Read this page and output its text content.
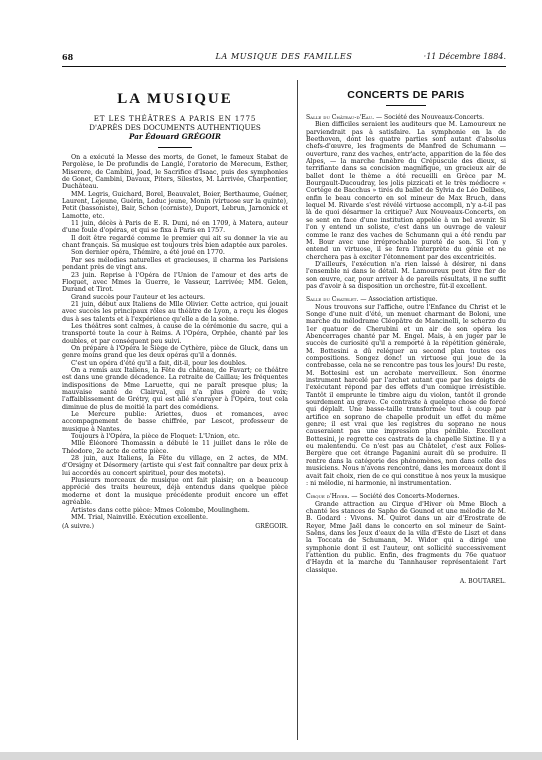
68	LA MUSIQUE DES FAMILLES	·11 Décembre 1884.
LA MUSIQUE
ET LES THÉÂTRES A PARIS EN 1775
D'APRÈS DES DOCUMENTS AUTHENTIQUES
Par Édouard GRÉGOIR

On a exécuté la Messe des morts, de Gonet, le fameux Stabat de Pergolèse, le De profundis de Langlé, l'oratorio de Merecum, Esther, Miserere, de Cambini, Joad, le Sacrifice d'Isaac, puis des symphonies de Gonet, Cambini, Davaux, Piters, Silestes, M. Larrivée, Charpentier, Duchâteau.

MM. Legris, Guichard, Borel, Beauvalet, Boier, Berthaume, Guéner, Laurent, Lejeune, Guérin, Leduc jeune, Monin (virtuose sur la quinte), Petit (bassoniste), Bair, Schon (corniste), Duport, Lebrun, Jarnonick et Lamotte, etc.

11 juin, décès à Paris de E. R. Duni, né en 1709, à Matera, auteur d'une foule d'opéras, et qui se fixa à Paris en 1757.

Il doit être regardé comme le premier qui ait su donner la vie au chant français. Sa musique est toujours très bien adaptée aux paroles.

Son dernier opéra, Thémire, a été joué en 1770.

Par ses mélodies naturelles et gracieuses, il charma les Parisiens pendant près de vingt ans.

23 juin. Reprise à l'Opéra de l'Union de l'amour et des arts de Floquet, avec Mmes la Guerre, le Vasseur, Larrivée; MM. Gelen, Durand et Tirot.

Grand succès pour l'auteur et les acteurs.

21 juin, début aux Italiens de Mlle Olivier. Cette actrice, qui jouait avec succès les principaux rôles au théâtre de Lyon, a reçu les éloges dus à ses talents et à l'expérience qu'elle a de la scène.

Les théâtres sont calmes, à cause de la cérémonie du sacre, qui a transporté toute la cour à Reims. A l'Opéra, Orphée, chanté par les doubles, et par conséquent peu suivi.

On prépare à l'Opéra le Siège de Cythère, pièce de Gluck, dans un genre moins grand que les deux opéras qu'il a donnés.

C'est un opéra d'été qu'il a fait, dit-il, pour les doubles.

On a remis aux Italiens, la Fête du château, de Favart; ce théâtre est dans une grande décadence. La retraite de Caillau; les fréquentes indispositions de Mme Laruette, qui ne paraît presque plus; la mauvaise santé de Clairval, qui n'a plus guère de voix; l'affaiblissement de Grétry, qui est allé s'enrayer à l'Opéra, tout cela diminue de plus de moitié la part des comédiens.

Le Mercure publie: Ariettes, duos et romances, avec accompagnement de basse chiffrée, par Lescot, professeur de musique à Nantes.

Toujours à l'Opéra, la pièce de Floquet: L'Union, etc.

Mlle Éléonore Thomassin a débuté le 11 juillet dans le rôle de Théodore, 2e acte de cette pièce.

28 juin, aux Italiens, la Fête du village, en 2 actes, de MM. d'Orsigny et Désormery (artiste qui s'est fait connaître par deux prix à lui accordés au concert spirituel, pour des motets).

Plusieurs morceaux de musique ont fait plaisir; on a beaucoup apprécié des traits heureux, déjà entendus dans quelque pièce moderne et dont la musique précédente produit encore un effet agréable.

Artistes dans cette pièce: Mmes Colombe, Moulinghem.

MM. Trial, Nainville. Exécution excellente.

(A suivre.)	GRÉGOIR.
CONCERTS DE PARIS

Salle du Château-d'Eau. — Société des Nouveaux-Concerts.

Bien difficiles seraient les auditeurs que M. Lamoureux ne parviendrait pas à satisfaire. La symphonie en la de Beethoven, dont les quatre parties sont autant d'absolus chefs-d'œuvre, les fragments de Manfred de Schumann — ouverture, ranz des vaches, entr'acte, apparition de la fée des Alpes, — la marche funèbre du Crépuscule des dieux, si terrifiante dans sa concision magnifique, un gracieux air de ballet dont le thème a été recueilli en Grèce par M. Bourgault-Ducoudray, les jolis pizzicati et le très médiocre « Cortège de Bacchus » tirés du ballet de Sylvia de Léo Delibes, enfin le beau concerto en sol mineur de Max Bruch, dans lequel M. Rivarde s'est révélé virtuose accompli, n'y a-t-il pas là de quoi désarmer la critique? Aux Nouveaux-Concerts, on se sent en face d'une institution appelée à un bel avenir. Si l'on y entend un soliste, c'est dans un ouvrage de valeur comme le ranz des vaches de Schumann qui a été rendu par M. Bour avec une irréprochable pureté de son. Si l'on y entend un virtuose, il se fera l'interprète du génie et ne cherchera pas à exciter l'étonnement par des excentricités.

D'ailleurs, l'exécution n'a rien laissé à désirer, ni dans l'ensemble ni dans le détail. M. Lamoureux peut être fier de son œuvre, car, pour arriver à de pareils résultats, il ne suffit pas d'avoir à sa disposition un orchestre, fût-il excellent.

Salle du Chatelet. — Association artistique.

Nous trouvons sur l'affiche, outre l'Enfance du Christ et le Songe d'une nuit d'été, un menuet charmant de Boloni, une marche du mélodrame Cléopâtre de Mancinelli, le scherzo du 1er quatuor de Cherubini et un air de son opéra les Abencerrages chanté par M. Engel. Mais, à en juger par le succès de curiosité qu'il a remporté à la répétition générale, M. Bottesini a dû reléguer au second plan toutes ces compositions. Songez donc! un virtuose qui joue de la contrebasse, cela ne se rencontre pas tous les jours! Du reste, M. Bottesini est un acrobate merveilleux. Son énorme instrument harcelé par l'archet autant que par les doigts de l'exécutant répond par des effets d'un comique irrésistible. Tantôt il emprunte le timbre aigu du violon, tantôt il gronde sourdement au grave. Ce contraste à quelque chose de forcé qui déplaît. Une basse-taille transformée tout à coup par artifice en soprano de chapelle produit un effet du même genre; il est vrai que les registres du soprano ne nous causeraient pas une impression plus pénible. Excellent Bottesini, je regrette ces castrats de la chapelle Sixtine. Il y a eu malentendu. Ce n'est pas au Châtelet, c'est aux Folies-Bergère que cet étrange Paganini aurait dû se produire. Il rentre dans la catégorie des phénomènes, non dans celle des musiciens. Nous n'avons rencontré, dans les morceaux dont il avait fait choix, rien de ce qui constitue à nos yeux la musique : ni mélodie, ni harmonie, ni instrumentation.

Cirque d'Hiver. — Société des Concerts-Modernes.

Grande attraction au Cirque d'Hiver où Mme Bloch a chanté les stances de Sapho de Gounod et une mélodie de M. B. Godard : Vivons. M. Quirot dans un air d'Erostrate de Reyer, Mme Jaël dans le concerto en sol mineur de Saint-Saëns, dans les Jeux d'eaux de la villa d'Este de Liszt et dans la Toccata de Schumann, M. Widor qui a dirigé une symphonie dont il est l'auteur, ont sollicité successivement l'attention du public. Enfin, des fragments du 76e quatuor d'Haydn et la marche du Tannhauser représentaient l'art classique.

A. BOUTAREL.
